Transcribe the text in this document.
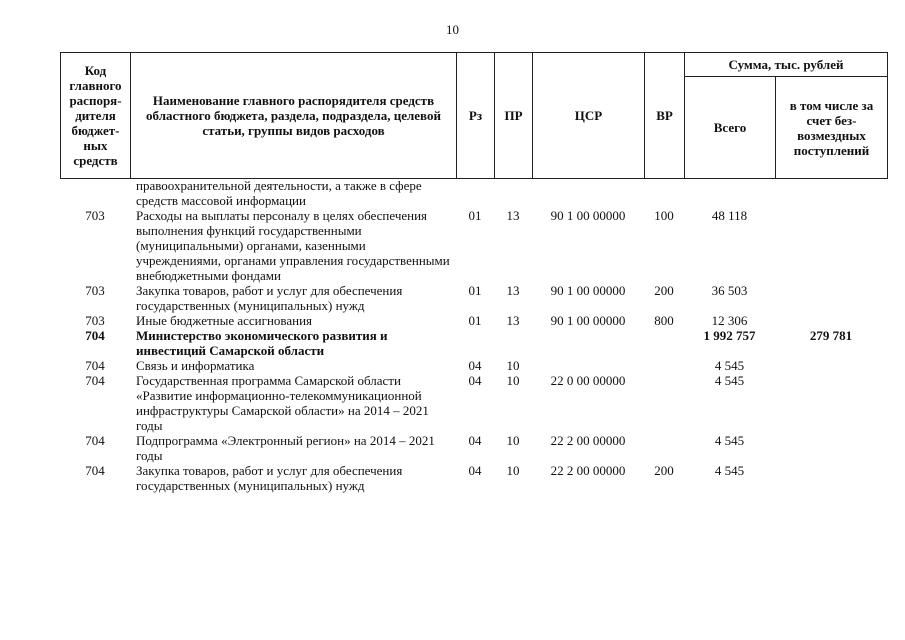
10
Код главного распоря-дителя бюджет-ных средств	Наименование главного распорядителя средств областного бюджета, раздела, подраздела, целевой статьи, группы видов расходов	Рз	ПР	ЦСР	ВР	Сумма, тыс. рублей	
						Всего	в том числе за счет без-возмездных поступлений
	правоохранительной деятельности, а также в сфере средств массовой информации						
703	Расходы на выплаты персоналу в целях обеспечения выполнения функций государственными (муниципальными) органами, казенными учреждениями, органами управления государственными внебюджетными фондами	01	13	90 1 00 00000	100	48 118	
703	Закупка товаров, работ и услуг для обеспечения государственных (муниципальных) нужд	01	13	90 1 00 00000	200	36 503	
703	Иные бюджетные ассигнования	01	13	90 1 00 00000	800	12 306	
704	Министерство экономического развития и инвестиций Самарской области					1 992 757	279 781
704	Связь и информатика	04	10			4 545	
704	Государственная программа Самарской области «Развитие информационно-телекоммуникационной инфраструктуры Самарской области» на 2014 – 2021 годы	04	10	22 0 00 00000		4 545	
704	Подпрограмма «Электронный регион» на 2014 – 2021 годы	04	10	22 2 00 00000		4 545	
704	Закупка товаров, работ и услуг для обеспечения государственных (муниципальных) нужд	04	10	22 2 00 00000	200	4 545	
